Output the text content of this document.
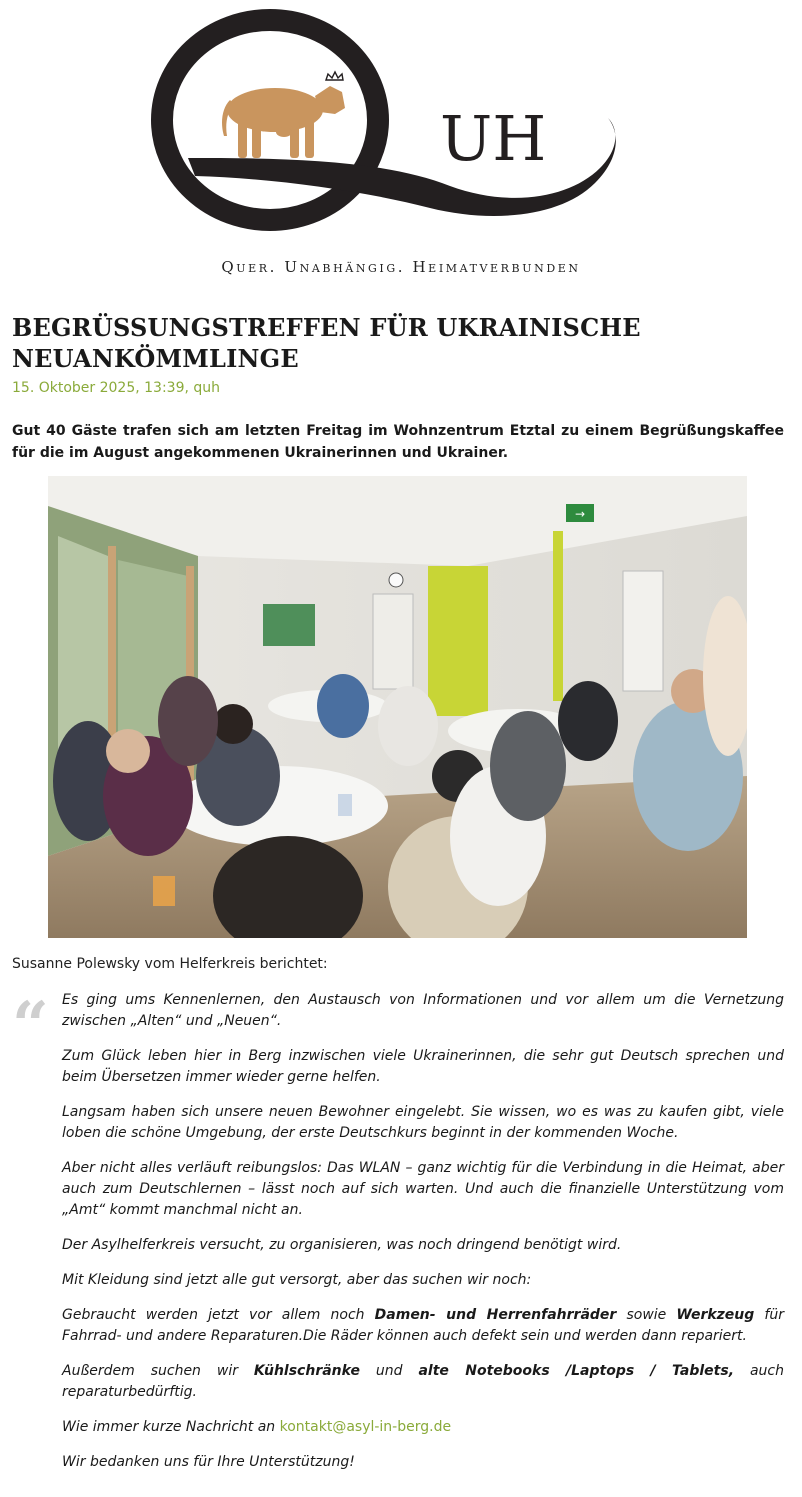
UH
Quer. Unabhängig. Heimatverbunden
BEGRÜSSUNGSTREFFEN FÜR UKRAINISCHE NEUANKÖMMLINGE
15. Oktober 2025, 13:39, quh

Gut 40 Gäste trafen sich am letzten Freitag im Wohnzentrum Etztal zu einem Begrüßungskaffee für die im August angekommenen Ukrainerinnen und Ukrainer.

→
Susanne Polewsky vom Helferkreis berichtet:
“ Es ging ums Kennenlernen, den Austausch von Informationen und vor allem um die Vernetzung zwischen „Alten“ und „Neuen“.

Zum Glück leben hier in Berg inzwischen viele Ukrainerinnen, die sehr gut Deutsch sprechen und beim Übersetzen immer wieder gerne helfen.

Langsam haben sich unsere neuen Bewohner eingelebt. Sie wissen, wo es was zu kaufen gibt, viele loben die schöne Umgebung, der erste Deutschkurs beginnt in der kommenden Woche.

Aber nicht alles verläuft reibungslos: Das WLAN – ganz wichtig für die Verbindung in die Heimat, aber auch zum Deutschlernen – lässt noch auf sich warten. Und auch die finanzielle Unterstützung vom „Amt“ kommt manchmal nicht an.

Der Asylhelferkreis versucht, zu organisieren, was noch dringend benötigt wird.

Mit Kleidung sind jetzt alle gut versorgt, aber das suchen wir noch:

Gebraucht werden jetzt vor allem noch Damen- und Herrenfahrräder sowie Werkzeug für Fahrrad- und andere Reparaturen.Die Räder können auch defekt sein und werden dann repariert.

Außerdem suchen wir Kühlschränke und alte Notebooks /Laptops / Tablets, auch reparaturbedürftig.

Wie immer kurze Nachricht an kontakt@asyl-in-berg.de

Wir bedanken uns für Ihre Unterstützung!
